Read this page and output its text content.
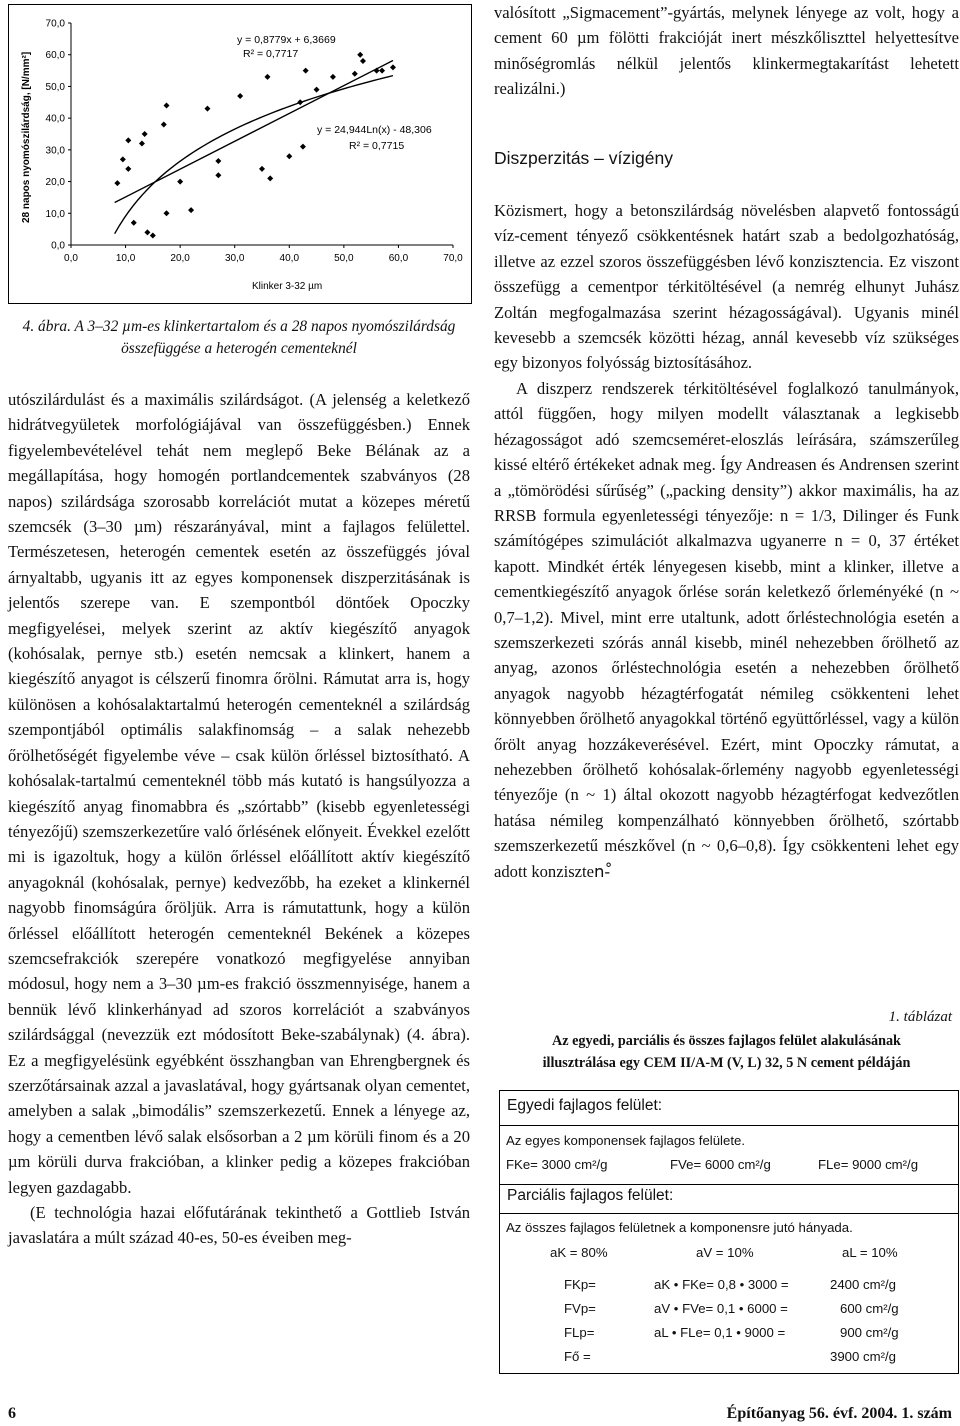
0,0	10,0	20,0	30,0	40,0	50,0	60,0	70,0
0,0
10,0
20,0
30,0
40,0
50,0
60,0
70,0
y = 0,8779x + 6,3669
R² = 0,7717
y = 24,944Ln(x) - 48,306
R² = 0,7715
Klinker 3-32 µm
28 napos nyomószilárdság, [N/mm²]
4. ábra. A 3–32 µm-es klinkertartalom és a 28 napos nyomószilárdság összefüggése a heterogén cementeknél

utószilárdulást és a maximális szilárdságot. (A jelenség a keletkező hidrátvegyületek morfológiájával van összefüggésben.) Ennek figyelembevételével tehát nem meglepő Beke Bélának az a megállapítása, hogy homogén portlandcementek szabványos (28 napos) szilárdsága szorosabb korrelációt mutat a közepes méretű szemcsék (3–30 µm) részarányával, mint a fajlagos felülettel. Természetesen, heterogén cementek esetén az összefüggés jóval árnyaltabb, ugyanis itt az egyes komponensek diszperzitásának is jelentős szerepe van. E szempontból döntőek Opoczky megfigyelései, melyek szerint az aktív kiegészítő anyagok (kohósalak, pernye stb.) esetén nemcsak a klinkert, hanem a kiegészítő anyagot is célszerű finomra őrölni. Rámutat arra is, hogy különösen a kohósalaktartalmú heterogén cementeknél a szilárdság szempontjából optimális salakfinomság – a salak nehezebb őrölhetőségét figyelembe véve – csak külön őrléssel biztosítható. A kohósalak-tartalmú cementeknél több más kutató is hangsúlyozza a kiegészítő anyag finomabbra és „szórtabb” (kisebb egyenletességi tényezőjű) szemszerkezetűre való őrlésének előnyeit. Évekkel ezelőtt mi is igazoltuk, hogy a külön őrléssel előállított aktív kiegészítő anyagoknál (kohósalak, pernye) kedvezőbb, ha ezeket a klinkernél nagyobb finomságúra őröljük. Arra is rámutattunk, hogy a külön őrléssel előállított heterogén cementeknél Bekének a közepes szemcsefrakciók szerepére vonatkozó megfigyelése annyiban módosul, hogy nem a 3–30 µm-es frakció összmennyisége, hanem a bennük lévő klinkerhányad ad szoros korrelációt a szabványos szilárdsággal (nevezzük ezt módosított Beke-szabálynak) (4. ábra). Ez a megfigyelésünk egyébként összhangban van Ehrengbergnek és szerzőtársainak azzal a javaslatával, hogy gyártsanak olyan cementet, amelyben a salak „bimodális” szemszerkezetű. Ennek a lényege az, hogy a cementben lévő salak elsősorban a 2 µm körüli finom és a 20 µm körüli durva frakcióban, a klinker pedig a közepes frakcióban legyen gazdagabb.

(E technológia hazai előfutárának tekinthető a Gottlieb István javaslatára a múlt század 40-es, 50-es éveiben meg-

valósított „Sigmacement”-gyártás, melynek lényege az volt, hogy a cement 60 µm fölötti frakcióját inert mészkőliszttel helyettesítve minőségromlás nélkül jelentős klinkermegtakarítást lehetett realizálni.)

Diszperzitás – vízigény

Közismert, hogy a betonszilárdság növelésben alapvető fontosságú víz-cement tényező csökkentésnek határt szab a bedolgozhatóság, illetve az ezzel szoros összefüggésben lévő konzisztencia. Ez viszont összefügg a cementpor térkitöltésével (a nemrég elhunyt Juhász Zoltán megfogalmazása szerint hézagosságával). Ugyanis minél kevesebb a szemcsék közötti hézag, annál kevesebb víz szükséges egy bizonyos folyósság biztosításához.

A diszperz rendszerek térkitöltésével foglalkozó tanulmányok, attól függően, hogy milyen modellt választanak a legkisebb hézagosságot adó szemcseméret-eloszlás leírására, számszerűleg kissé eltérő értékeket adnak meg. Így Andreasen és Andrensen szerint a „tömörödési sűrűség” („packing density”) akkor maximális, ha az RRSB formula egyenletességi tényezője: n = 1/3, Dilinger és Funk számítógépes szimulációt alkalmazva ugyanerre n = 0, 37 értéket kapott. Mindkét érték lényegesen kisebb, mint a klinker, illetve a cementkiegészítő anyagok őrlése során keletkező őrleményéké (n ~ 0,7–1,2). Mivel, mint erre utaltunk, adott őrléstechnológia esetén a szemszerkezeti szórás annál kisebb, minél nehezebben őrölhető az anyag, azonos őrléstechnológia esetén a nehezebben őrölhető anyagok nagyobb hézagtérfogatát némileg csökkenteni lehet könnyebben őrölhető anyagokkal történő együttőrléssel, vagy a külön őrölt anyag hozzákeverésével. Ezért, mint Opoczky rámutat, a nehezebben őrölhető kohósalak-őrlemény nagyobb egyenletességi tényezője (n ~ 1) által okozott nagyobb hézagtérfogat kedvezőtlen hatása némileg kompenzálható könnyebben őrölhető, szórtabb szemszerkezetű mészkővel (n ~ 0,6–0,8). Így csökkenteni lehet egy adott konzisztenْ-

1. táblázat
Az egyedi, parciális és összes fajlagos felület alakulásának
illusztrálása egy CEM II/A-M (V, L) 32, 5 N cement példáján
Egyedi fajlagos felület:
Az egyes komponensek fajlagos felülete.
FKe= 3000 cm²/g	FVe= 6000 cm²/g	FLe= 9000 cm²/g
Parciális fajlagos felület:
Az összes fajlagos felületnek a komponensre jutó hányada.
aK = 80%	aV = 10%	aL = 10%
FKp=	aK • FKe= 0,8 • 3000 =	2400 cm²/g
FVp=	aV • FVe= 0,1 • 6000 =	600 cm²/g
FLp=	aL • FLe= 0,1 • 9000 =	900 cm²/g
Fő =	3900 cm²/g
6	Építőanyag 56. évf. 2004. 1. szám
